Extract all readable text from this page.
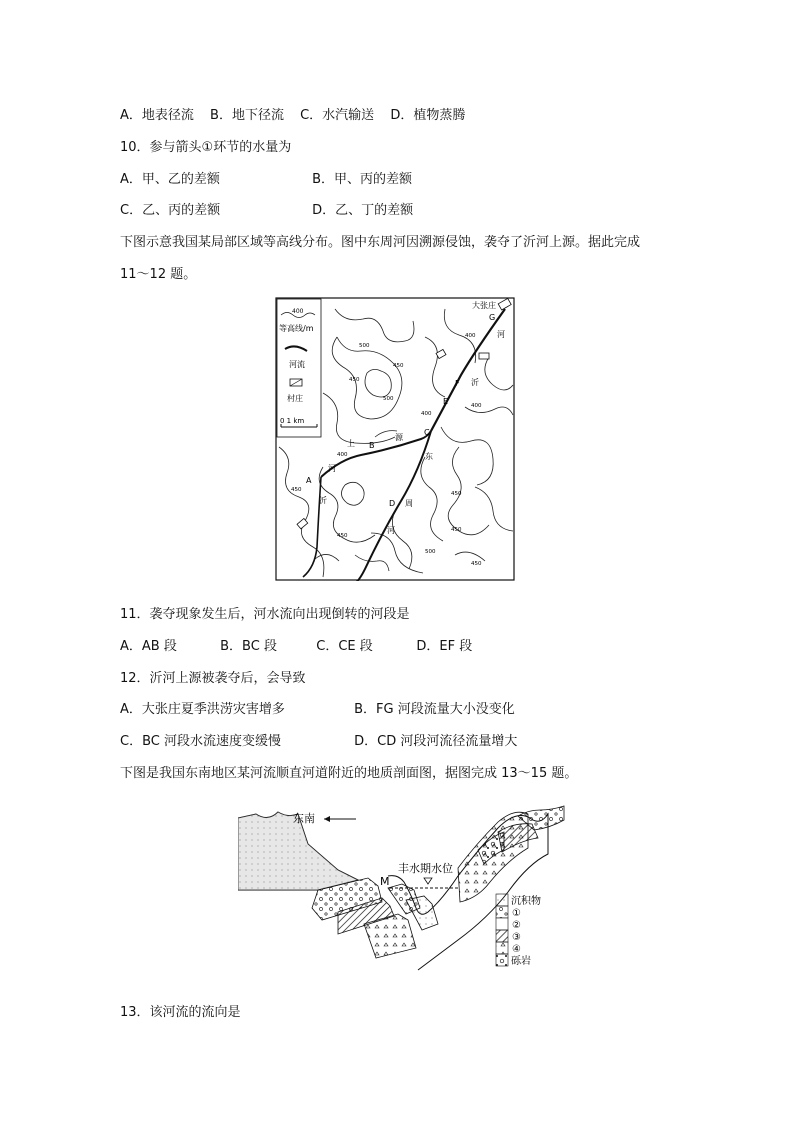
A．地表径流 B．地下径流 C．水汽输送 D．植物蒸腾
10．参与箭头①环节的水量为
A．甲、乙的差额	B．甲、丙的差额
C．乙、丙的差额	D．乙、丁的差额
下图示意我国某局部区域等高线分布。图中东周河因溯源侵蚀，袭夺了沂河上源。据此完成
11～12 题。
400
等高线/m
河流
村庄
0 1 km
大张庄
A
B
C
D
E
F
G
上
源
沂
河
东
周
河
沂
河
400
450
500
500
450
450
400
400
450
450
500
450
400
450
11．袭夺现象发生后，河水流向出现倒转的河段是
A．AB 段	B．BC 段	C．CE 段	D．EF 段
12．沂河上源被袭夺后，会导致
A．大张庄夏季洪涝灾害增多	B．FG 河段流量大小没变化
C．BC 河段水流速度变缓慢	D．CD 河段河流径流量增大
下图是我国东南地区某河流顺直河道附近的地质剖面图，据图完成 13～15 题。
东南
丰水期水位
M
沉积物
①
②
③
④
砾岩
13．该河流的流向是
